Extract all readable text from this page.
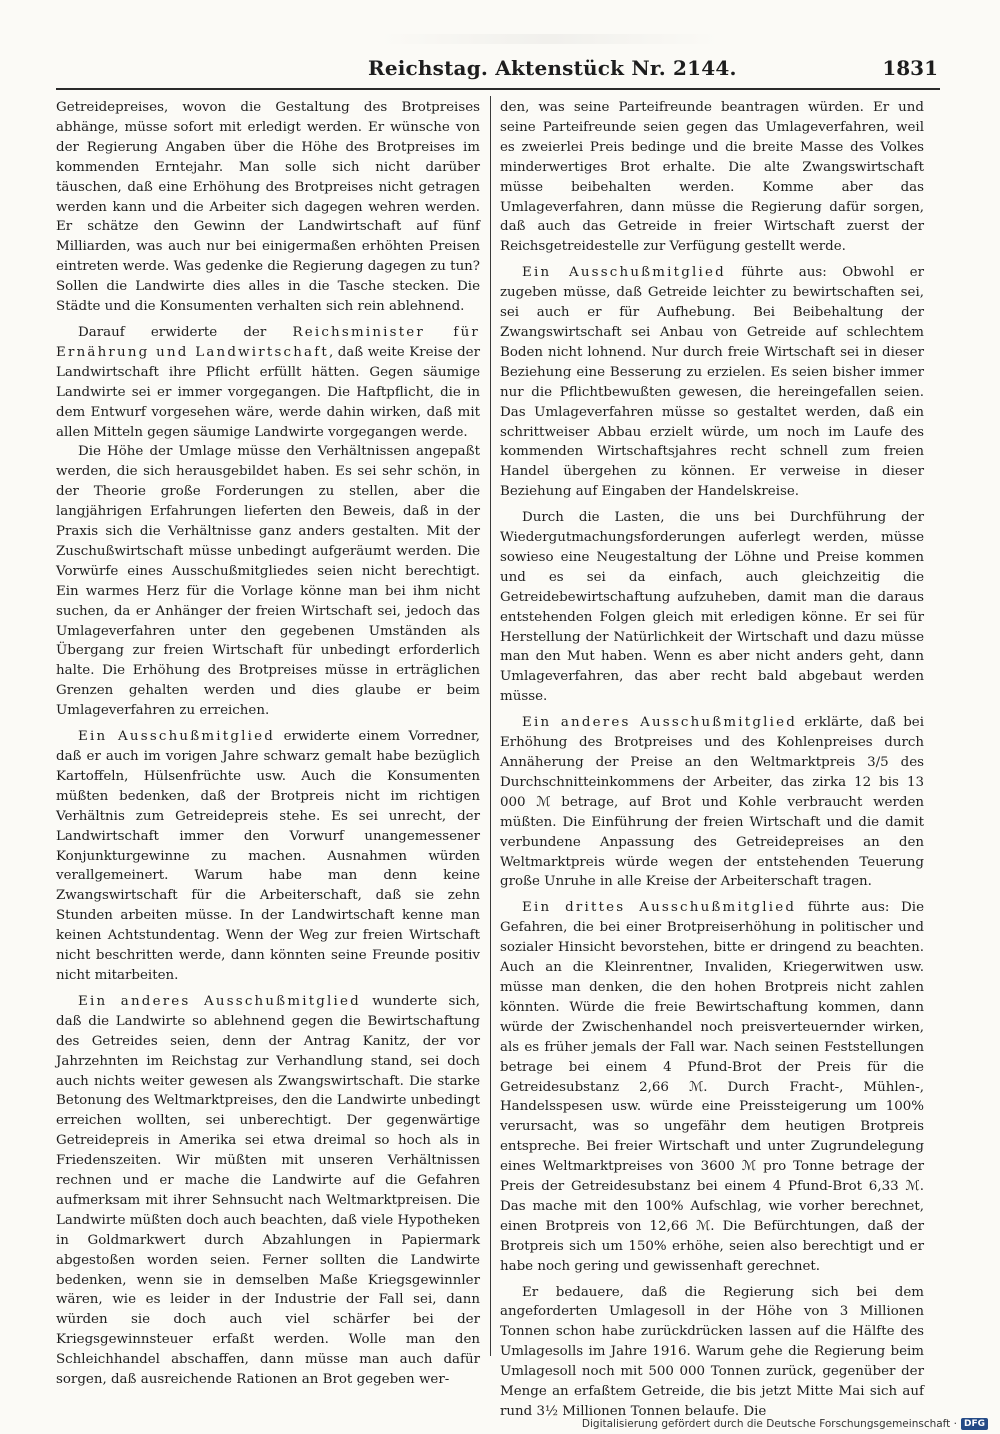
Reichstag. Aktenstück Nr. 2144.	1831

Getreidepreises, wovon die Gestaltung des Brotpreises abhänge, müsse sofort mit erledigt werden. Er wünsche von der Regierung Angaben über die Höhe des Brotpreises im kommenden Erntejahr. Man solle sich nicht darüber täuschen, daß eine Erhöhung des Brotpreises nicht getragen werden kann und die Arbeiter sich dagegen wehren werden. Er schätze den Gewinn der Landwirtschaft auf fünf Milliarden, was auch nur bei einigermaßen erhöhten Preisen eintreten werde. Was gedenke die Regierung dagegen zu tun? Sollen die Landwirte dies alles in die Tasche stecken. Die Städte und die Konsumenten verhalten sich rein ablehnend.

Darauf erwiderte der Reichsminister für Ernährung und Landwirtschaft, daß weite Kreise der Landwirtschaft ihre Pflicht erfüllt hätten. Gegen säumige Landwirte sei er immer vorgegangen. Die Haftpflicht, die in dem Entwurf vorgesehen wäre, werde dahin wirken, daß mit allen Mitteln gegen säumige Landwirte vorgegangen werde.

Die Höhe der Umlage müsse den Verhältnissen angepaßt werden, die sich herausgebildet haben. Es sei sehr schön, in der Theorie große Forderungen zu stellen, aber die langjährigen Erfahrungen lieferten den Beweis, daß in der Praxis sich die Verhältnisse ganz anders gestalten. Mit der Zuschußwirtschaft müsse unbedingt aufgeräumt werden. Die Vorwürfe eines Ausschußmitgliedes seien nicht berechtigt. Ein warmes Herz für die Vorlage könne man bei ihm nicht suchen, da er Anhänger der freien Wirtschaft sei, jedoch das Umlageverfahren unter den gegebenen Umständen als Übergang zur freien Wirtschaft für unbedingt erforderlich halte. Die Erhöhung des Brotpreises müsse in erträglichen Grenzen gehalten werden und dies glaube er beim Umlageverfahren zu erreichen.

Ein Ausschußmitglied erwiderte einem Vorredner, daß er auch im vorigen Jahre schwarz gemalt habe bezüglich Kartoffeln, Hülsenfrüchte usw. Auch die Konsumenten müßten bedenken, daß der Brotpreis nicht im richtigen Verhältnis zum Getreidepreis stehe. Es sei unrecht, der Landwirtschaft immer den Vorwurf unangemessener Konjunkturgewinne zu machen. Ausnahmen würden verallgemeinert. Warum habe man denn keine Zwangswirtschaft für die Arbeiterschaft, daß sie zehn Stunden arbeiten müsse. In der Landwirtschaft kenne man keinen Achtstundentag. Wenn der Weg zur freien Wirtschaft nicht beschritten werde, dann könnten seine Freunde positiv nicht mitarbeiten.

Ein anderes Ausschußmitglied wunderte sich, daß die Landwirte so ablehnend gegen die Bewirtschaftung des Getreides seien, denn der Antrag Kanitz, der vor Jahrzehnten im Reichstag zur Verhandlung stand, sei doch auch nichts weiter gewesen als Zwangswirtschaft. Die starke Betonung des Weltmarktpreises, den die Landwirte unbedingt erreichen wollten, sei unberechtigt. Der gegenwärtige Getreidepreis in Amerika sei etwa dreimal so hoch als in Friedenszeiten. Wir müßten mit unseren Verhältnissen rechnen und er mache die Landwirte auf die Gefahren aufmerksam mit ihrer Sehnsucht nach Weltmarktpreisen. Die Landwirte müßten doch auch beachten, daß viele Hypotheken in Goldmarkwert durch Abzahlungen in Papiermark abgestoßen worden seien. Ferner sollten die Landwirte bedenken, wenn sie in demselben Maße Kriegsgewinnler wären, wie es leider in der Industrie der Fall sei, dann würden sie doch auch viel schärfer bei der Kriegsgewinnsteuer erfaßt werden. Wolle man den Schleichhandel abschaffen, dann müsse man auch dafür sorgen, daß ausreichende Rationen an Brot gegeben wer-

den, was seine Parteifreunde beantragen würden. Er und seine Parteifreunde seien gegen das Umlageverfahren, weil es zweierlei Preis bedinge und die breite Masse des Volkes minderwertiges Brot erhalte. Die alte Zwangswirtschaft müsse beibehalten werden. Komme aber das Umlageverfahren, dann müsse die Regierung dafür sorgen, daß auch das Getreide in freier Wirtschaft zuerst der Reichsgetreidestelle zur Verfügung gestellt werde.

Ein Ausschußmitglied führte aus: Obwohl er zugeben müsse, daß Getreide leichter zu bewirtschaften sei, sei auch er für Aufhebung. Bei Beibehaltung der Zwangswirtschaft sei Anbau von Getreide auf schlechtem Boden nicht lohnend. Nur durch freie Wirtschaft sei in dieser Beziehung eine Besserung zu erzielen. Es seien bisher immer nur die Pflichtbewußten gewesen, die hereingefallen seien. Das Umlageverfahren müsse so gestaltet werden, daß ein schrittweiser Abbau erzielt würde, um noch im Laufe des kommenden Wirtschaftsjahres recht schnell zum freien Handel übergehen zu können. Er verweise in dieser Beziehung auf Eingaben der Handelskreise.

Durch die Lasten, die uns bei Durchführung der Wiedergutmachungsforderungen auferlegt werden, müsse sowieso eine Neugestaltung der Löhne und Preise kommen und es sei da einfach, auch gleichzeitig die Getreidebewirtschaftung aufzuheben, damit man die daraus entstehenden Folgen gleich mit erledigen könne. Er sei für Herstellung der Natürlichkeit der Wirtschaft und dazu müsse man den Mut haben. Wenn es aber nicht anders geht, dann Umlageverfahren, das aber recht bald abgebaut werden müsse.

Ein anderes Ausschußmitglied erklärte, daß bei Erhöhung des Brotpreises und des Kohlenpreises durch Annäherung der Preise an den Weltmarktpreis 3/5 des Durchschnitteinkommens der Arbeiter, das zirka 12 bis 13 000 ℳ betrage, auf Brot und Kohle verbraucht werden müßten. Die Einführung der freien Wirtschaft und die damit verbundene Anpassung des Getreidepreises an den Weltmarktpreis würde wegen der entstehenden Teuerung große Unruhe in alle Kreise der Arbeiterschaft tragen.

Ein drittes Ausschußmitglied führte aus: Die Gefahren, die bei einer Brotpreiserhöhung in politischer und sozialer Hinsicht bevorstehen, bitte er dringend zu beachten. Auch an die Kleinrentner, Invaliden, Kriegerwitwen usw. müsse man denken, die den hohen Brotpreis nicht zahlen könnten. Würde die freie Bewirtschaftung kommen, dann würde der Zwischenhandel noch preisverteuernder wirken, als es früher jemals der Fall war. Nach seinen Feststellungen betrage bei einem 4 Pfund-Brot der Preis für die Getreidesubstanz 2,66 ℳ. Durch Fracht-, Mühlen-, Handelsspesen usw. würde eine Preissteigerung um 100% verursacht, was so ungefähr dem heutigen Brotpreis entspreche. Bei freier Wirtschaft und unter Zugrundelegung eines Weltmarktpreises von 3600 ℳ pro Tonne betrage der Preis der Getreidesubstanz bei einem 4 Pfund-Brot 6,33 ℳ. Das mache mit den 100% Aufschlag, wie vorher berechnet, einen Brotpreis von 12,66 ℳ. Die Befürchtungen, daß der Brotpreis sich um 150% erhöhe, seien also berechtigt und er habe noch gering und gewissenhaft gerechnet.

Er bedauere, daß die Regierung sich bei dem angeforderten Umlagesoll in der Höhe von 3 Millionen Tonnen schon habe zurückdrücken lassen auf die Hälfte des Umlagesolls im Jahre 1916. Warum gehe die Regierung beim Umlagesoll noch mit 500 000 Tonnen zurück, gegenüber der Menge an erfaßtem Getreide, die bis jetzt Mitte Mai sich auf rund 3½ Millionen Tonnen belaufe. Die

Digitalisierung gefördert durch die Deutsche Forschungsgemeinschaft · DFG
